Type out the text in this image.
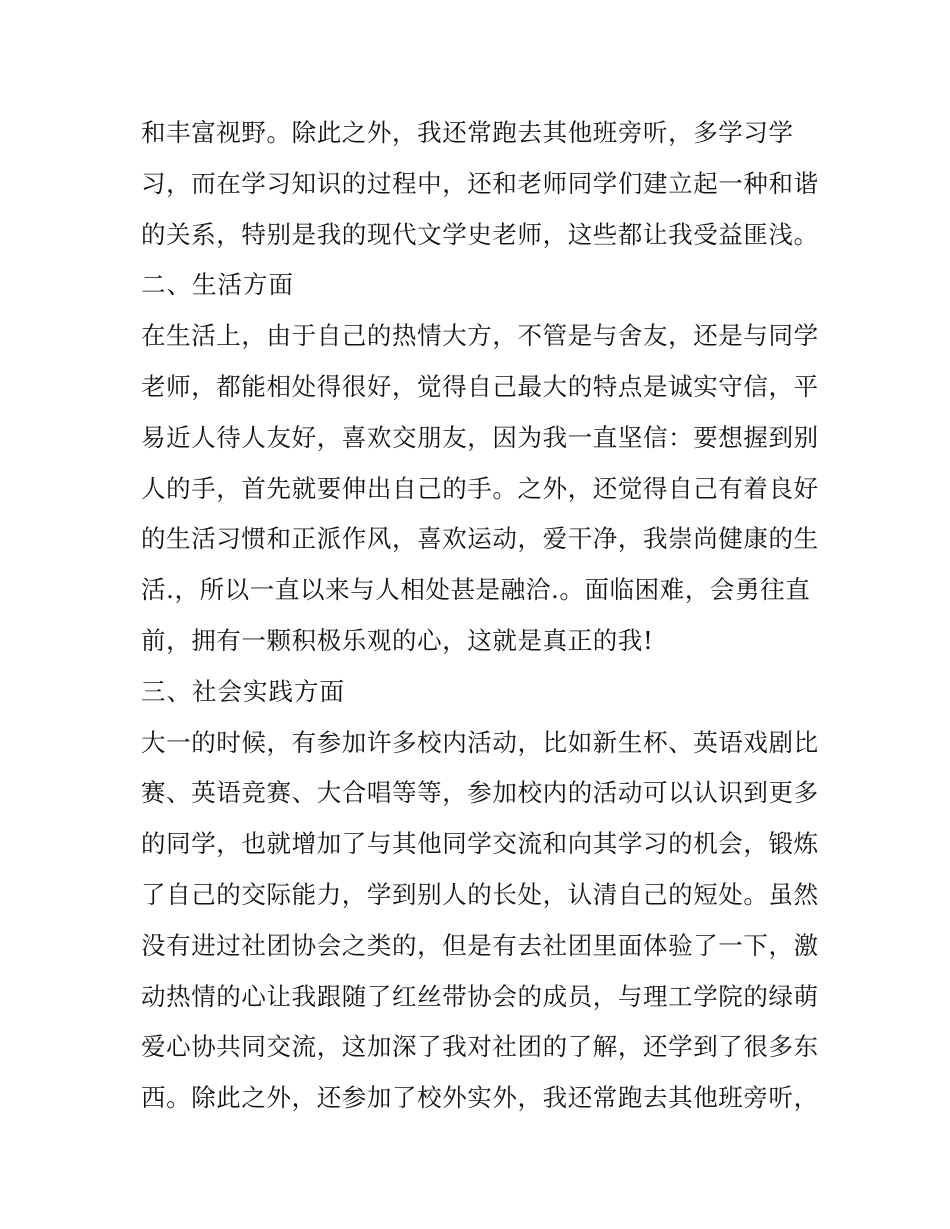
和丰富视野。除此之外，我还常跑去其他班旁听，多学习学
习，而在学习知识的过程中，还和老师同学们建立起一种和谐
的关系，特别是我的现代文学史老师，这些都让我受益匪浅。
二、生活方面
在生活上，由于自己的热情大方，不管是与舍友，还是与同学
老师，都能相处得很好，觉得自己最大的特点是诚实守信，平
易近人待人友好，喜欢交朋友，因为我一直坚信：要想握到别
人的手，首先就要伸出自己的手。之外，还觉得自己有着良好
的生活习惯和正派作风，喜欢运动，爱干净，我崇尚健康的生
活.，所以一直以来与人相处甚是融洽.。面临困难，会勇往直
前，拥有一颗积极乐观的心，这就是真正的我!
三、社会实践方面
大一的时候，有参加许多校内活动，比如新生杯、英语戏剧比
赛、英语竞赛、大合唱等等，参加校内的活动可以认识到更多
的同学，也就增加了与其他同学交流和向其学习的机会，锻炼
了自己的交际能力，学到别人的长处，认清自己的短处。虽然
没有进过社团协会之类的，但是有去社团里面体验了一下，激
动热情的心让我跟随了红丝带协会的成员，与理工学院的绿萌
爱心协共同交流，这加深了我对社团的了解，还学到了很多东
西。除此之外，还参加了校外实外，我还常跑去其他班旁听，
